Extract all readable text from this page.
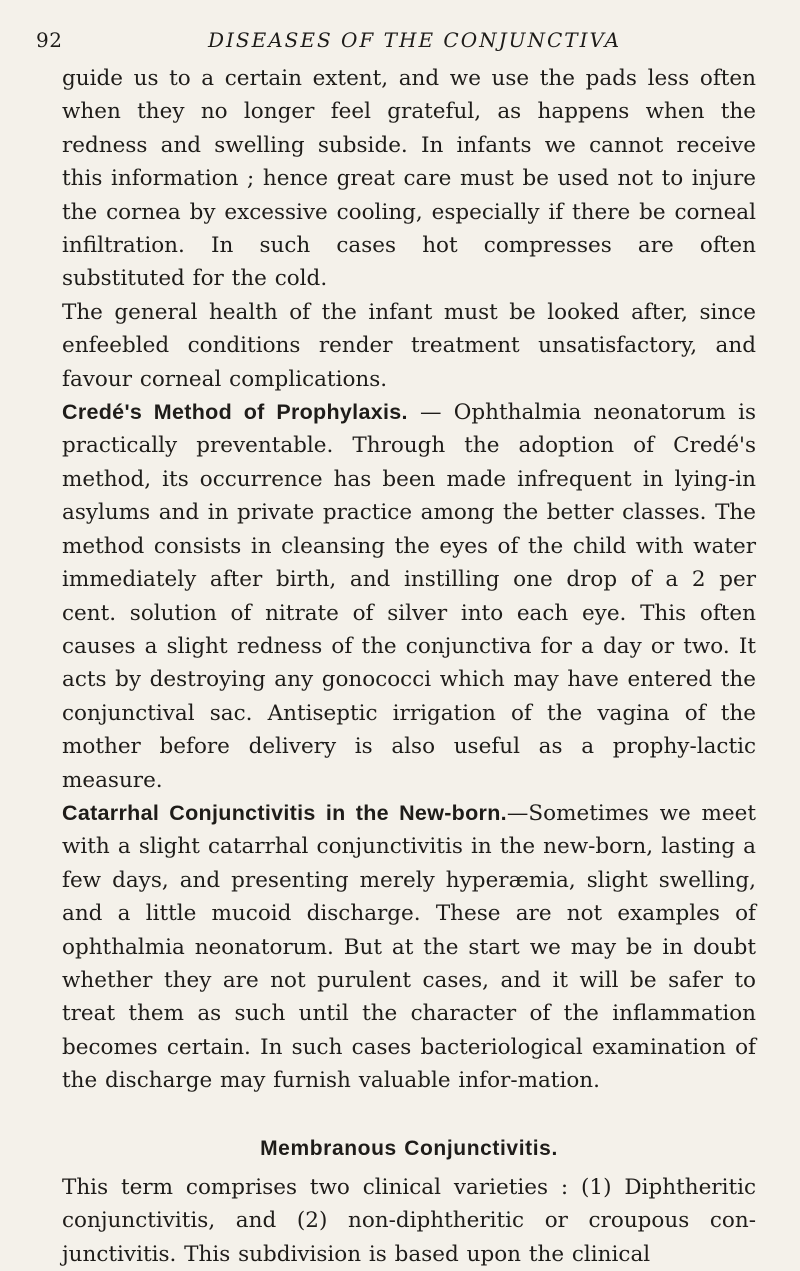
92	DISEASES OF THE CONJUNCTIVA

guide us to a certain extent, and we use the pads less often when they no longer feel grateful, as happens when the redness and swelling subside. In infants we cannot receive this information ; hence great care must be used not to injure the cornea by excessive cooling, especially if there be corneal infiltration. In such cases hot compresses are often substituted for the cold.

The general health of the infant must be looked after, since enfeebled conditions render treatment unsatisfactory, and favour corneal complications.

Credé's Method of Prophylaxis. — Ophthalmia neonatorum is practically preventable. Through the adoption of Credé's method, its occurrence has been made infrequent in lying-in asylums and in private practice among the better classes. The method consists in cleansing the eyes of the child with water immediately after birth, and instilling one drop of a 2 per cent. solution of nitrate of silver into each eye. This often causes a slight redness of the conjunctiva for a day or two. It acts by destroying any gonococci which may have entered the conjunctival sac. Antiseptic irrigation of the vagina of the mother before delivery is also useful as a prophy-lactic measure.

Catarrhal Conjunctivitis in the New-born.—Sometimes we meet with a slight catarrhal conjunctivitis in the new-born, lasting a few days, and presenting merely hyperæmia, slight swelling, and a little mucoid discharge. These are not examples of ophthalmia neonatorum. But at the start we may be in doubt whether they are not purulent cases, and it will be safer to treat them as such until the character of the inflammation becomes certain. In such cases bacteriological examination of the discharge may furnish valuable infor-mation.

Membranous Conjunctivitis.

This term comprises two clinical varieties : (1) Diphtheritic conjunctivitis, and (2) non-diphtheritic or croupous con-junctivitis. This subdivision is based upon the clinical
